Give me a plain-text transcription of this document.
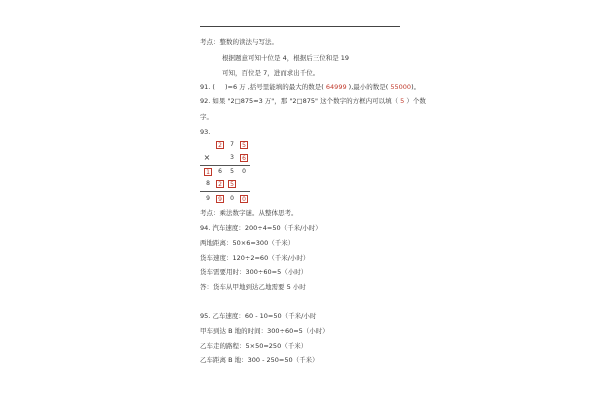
考点：整数的读法与写法。
根据题意可知十位是 4，根据后三位和是 19
可知，百位是 7，进而求出千位。
91. ( )=6 万 ,括号里能填的最大的数是( 64999 ),最小的数是( 55000)。
92. 如果 "2□875≈3 万"，那 "2□875" 这个数字的方框内可以填（ 5 ）个数
字。
93.
2	7	5
×	3	6
1	6	5	0
8	2	5
9	9	0	0
考点：乘法数字谜。从整体思考。
94. 汽车速度：200÷4=50（千米/小时）
两地距离：50×6=300（千米）
货车速度：120÷2=60（千米/小时）
货车需要用时：300÷60=5（小时）
答：货车从甲地到达乙地需要 5 小时
95. 乙车速度：60 - 10=50（千米/小时
甲车到达 B 地的时间：300÷60=5（小时）
乙车走的路程：5×50=250（千米）
乙车距离 B 地：300 - 250=50（千米）
